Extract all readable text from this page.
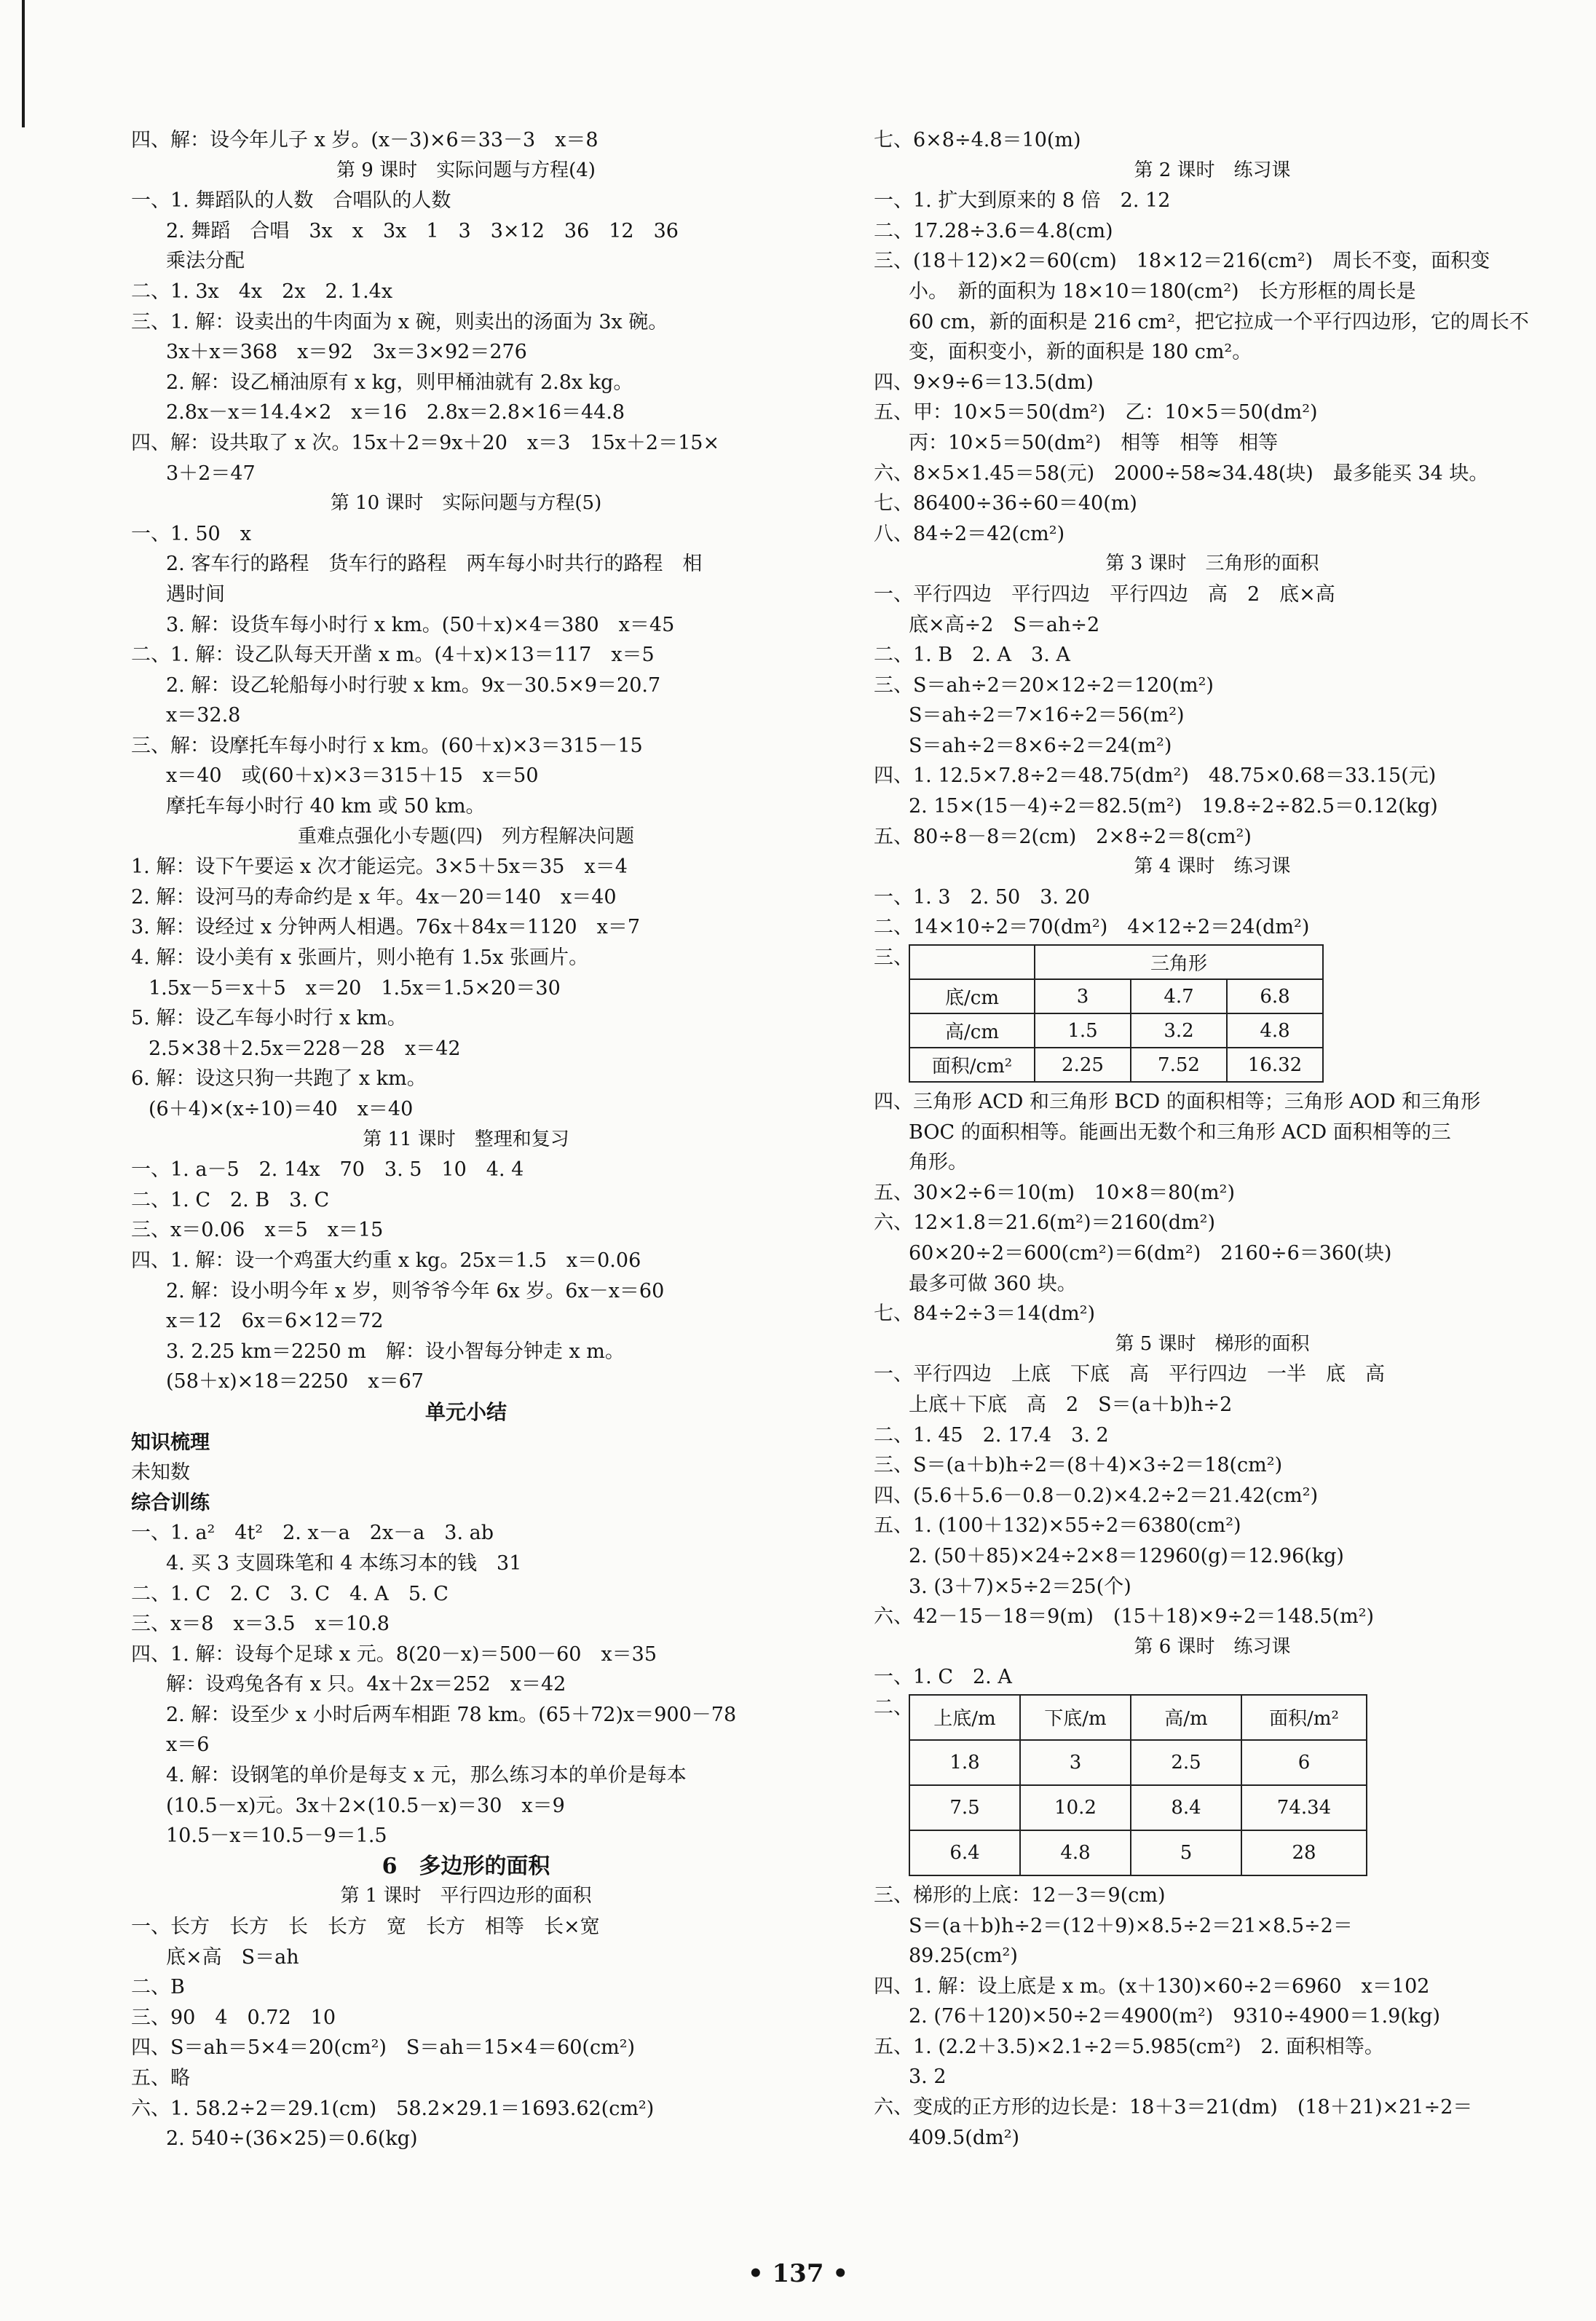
四、解：设今年儿子 x 岁。(x－3)×6＝33－3　x＝8
第 9 课时　实际问题与方程(4)
一、1. 舞蹈队的人数　合唱队的人数
2. 舞蹈　合唱　3x　x　3x　1　3　3×12　36　12　36
乘法分配
二、1. 3x　4x　2x　2. 1.4x
三、1. 解：设卖出的牛肉面为 x 碗，则卖出的汤面为 3x 碗。
3x＋x＝368　x＝92　3x＝3×92＝276
2. 解：设乙桶油原有 x kg，则甲桶油就有 2.8x kg。
2.8x－x＝14.4×2　x＝16　2.8x＝2.8×16＝44.8
四、解：设共取了 x 次。15x＋2＝9x＋20　x＝3　15x＋2＝15×
3＋2＝47
第 10 课时　实际问题与方程(5)
一、1. 50　x
2. 客车行的路程　货车行的路程　两车每小时共行的路程　相
遇时间
3. 解：设货车每小时行 x km。(50＋x)×4＝380　x＝45
二、1. 解：设乙队每天开凿 x m。(4＋x)×13＝117　x＝5
2. 解：设乙轮船每小时行驶 x km。9x－30.5×9＝20.7
x＝32.8
三、解：设摩托车每小时行 x km。(60＋x)×3＝315－15
x＝40　或(60＋x)×3＝315＋15　x＝50
摩托车每小时行 40 km 或 50 km。
重难点强化小专题(四)　列方程解决问题
1. 解：设下午要运 x 次才能运完。3×5＋5x＝35　x＝4
2. 解：设河马的寿命约是 x 年。4x－20＝140　x＝40
3. 解：设经过 x 分钟两人相遇。76x＋84x＝1120　x＝7
4. 解：设小美有 x 张画片，则小艳有 1.5x 张画片。
1.5x－5＝x＋5　x＝20　1.5x＝1.5×20＝30
5. 解：设乙车每小时行 x km。
2.5×38＋2.5x＝228－28　x＝42
6. 解：设这只狗一共跑了 x km。
(6＋4)×(x÷10)＝40　x＝40
第 11 课时　整理和复习
一、1. a－5　2. 14x　70　3. 5　10　4. 4
二、1. C　2. B　3. C
三、x＝0.06　x＝5　x＝15
四、1. 解：设一个鸡蛋大约重 x kg。25x＝1.5　x＝0.06
2. 解：设小明今年 x 岁，则爷爷今年 6x 岁。6x－x＝60
x＝12　6x＝6×12＝72
3. 2.25 km＝2250 m　解：设小智每分钟走 x m。
(58＋x)×18＝2250　x＝67
单元小结
知识梳理
未知数
综合训练
一、1. a²　4t²　2. x－a　2x－a　3. ab
4. 买 3 支圆珠笔和 4 本练习本的钱　31
二、1. C　2. C　3. C　4. A　5. C
三、x＝8　x＝3.5　x＝10.8
四、1. 解：设每个足球 x 元。8(20－x)＝500－60　x＝35
解：设鸡兔各有 x 只。4x＋2x＝252　x＝42
2. 解：设至少 x 小时后两车相距 78 km。(65＋72)x＝900－78
x＝6
4. 解：设钢笔的单价是每支 x 元，那么练习本的单价是每本
(10.5－x)元。3x＋2×(10.5－x)＝30　x＝9
10.5－x＝10.5－9＝1.5
6　多边形的面积
第 1 课时　平行四边形的面积
一、长方　长方　长　长方　宽　长方　相等　长×宽
底×高　S＝ah
二、B
三、90　4　0.72　10
四、S＝ah＝5×4＝20(cm²)　S＝ah＝15×4＝60(cm²)
五、略
六、1. 58.2÷2＝29.1(cm)　58.2×29.1＝1693.62(cm²)
2. 540÷(36×25)＝0.6(kg)
七、6×8÷4.8＝10(m)
第 2 课时　练习课
一、1. 扩大到原来的 8 倍　2. 12
二、17.28÷3.6＝4.8(cm)
三、(18＋12)×2＝60(cm)　18×12＝216(cm²)　周长不变，面积变
小。　新的面积为 18×10＝180(cm²)　长方形框的周长是
60 cm，新的面积是 216 cm²，把它拉成一个平行四边形，它的周长不
变，面积变小，新的面积是 180 cm²。
四、9×9÷6＝13.5(dm)
五、甲：10×5＝50(dm²)　乙：10×5＝50(dm²)
丙：10×5＝50(dm²)　相等　相等　相等
六、8×5×1.45＝58(元)　2000÷58≈34.48(块)　最多能买 34 块。
七、86400÷36÷60＝40(m)
八、84÷2＝42(cm²)
第 3 课时　三角形的面积
一、平行四边　平行四边　平行四边　高　2　底×高
底×高÷2　S＝ah÷2
二、1. B　2. A　3. A
三、S＝ah÷2＝20×12÷2＝120(m²)
S＝ah÷2＝7×16÷2＝56(m²)
S＝ah÷2＝8×6÷2＝24(m²)
四、1. 12.5×7.8÷2＝48.75(dm²)　48.75×0.68＝33.15(元)
2. 15×(15－4)÷2＝82.5(m²)　19.8÷2÷82.5＝0.12(kg)
五、80÷8－8＝2(cm)　2×8÷2＝8(cm²)
第 4 课时　练习课
一、1. 3　2. 50　3. 20
二、14×10÷2＝70(dm²)　4×12÷2＝24(dm²)
三、
		三角形		
底/cm	3	4.7	6.8
高/cm	1.5	3.2	4.8
面积/cm²	2.25	7.52	16.32
四、三角形 ACD 和三角形 BCD 的面积相等；三角形 AOD 和三角形
BOC 的面积相等。能画出无数个和三角形 ACD 面积相等的三
角形。
五、30×2÷6＝10(m)　10×8＝80(m²)
六、12×1.8＝21.6(m²)＝2160(dm²)
60×20÷2＝600(cm²)＝6(dm²)　2160÷6＝360(块)
最多可做 360 块。
七、84÷2÷3＝14(dm²)
第 5 课时　梯形的面积
一、平行四边　上底　下底　高　平行四边　一半　底　高
上底＋下底　高　2　S＝(a＋b)h÷2
二、1. 45　2. 17.4　3. 2
三、S＝(a＋b)h÷2＝(8＋4)×3÷2＝18(cm²)
四、(5.6＋5.6－0.8－0.2)×4.2÷2＝21.42(cm²)
五、1. (100＋132)×55÷2＝6380(cm²)
2. (50＋85)×24÷2×8＝12960(g)＝12.96(kg)
3. (3＋7)×5÷2＝25(个)
六、42－15－18＝9(m)　(15＋18)×9÷2＝148.5(m²)
第 6 课时　练习课
一、1. C　2. A
二、
上底/m	下底/m	高/m	面积/m²
1.8	3	2.5	6
7.5	10.2	8.4	74.34
6.4	4.8	5	28
三、梯形的上底：12－3＝9(cm)
S＝(a＋b)h÷2＝(12＋9)×8.5÷2＝21×8.5÷2＝
89.25(cm²)
四、1. 解：设上底是 x m。(x＋130)×60÷2＝6960　x＝102
2. (76＋120)×50÷2＝4900(m²)　9310÷4900＝1.9(kg)
五、1. (2.2＋3.5)×2.1÷2＝5.985(cm²)　2. 面积相等。
3. 2
六、变成的正方形的边长是：18＋3＝21(dm)　(18＋21)×21÷2＝
409.5(dm²)
• 137 •
